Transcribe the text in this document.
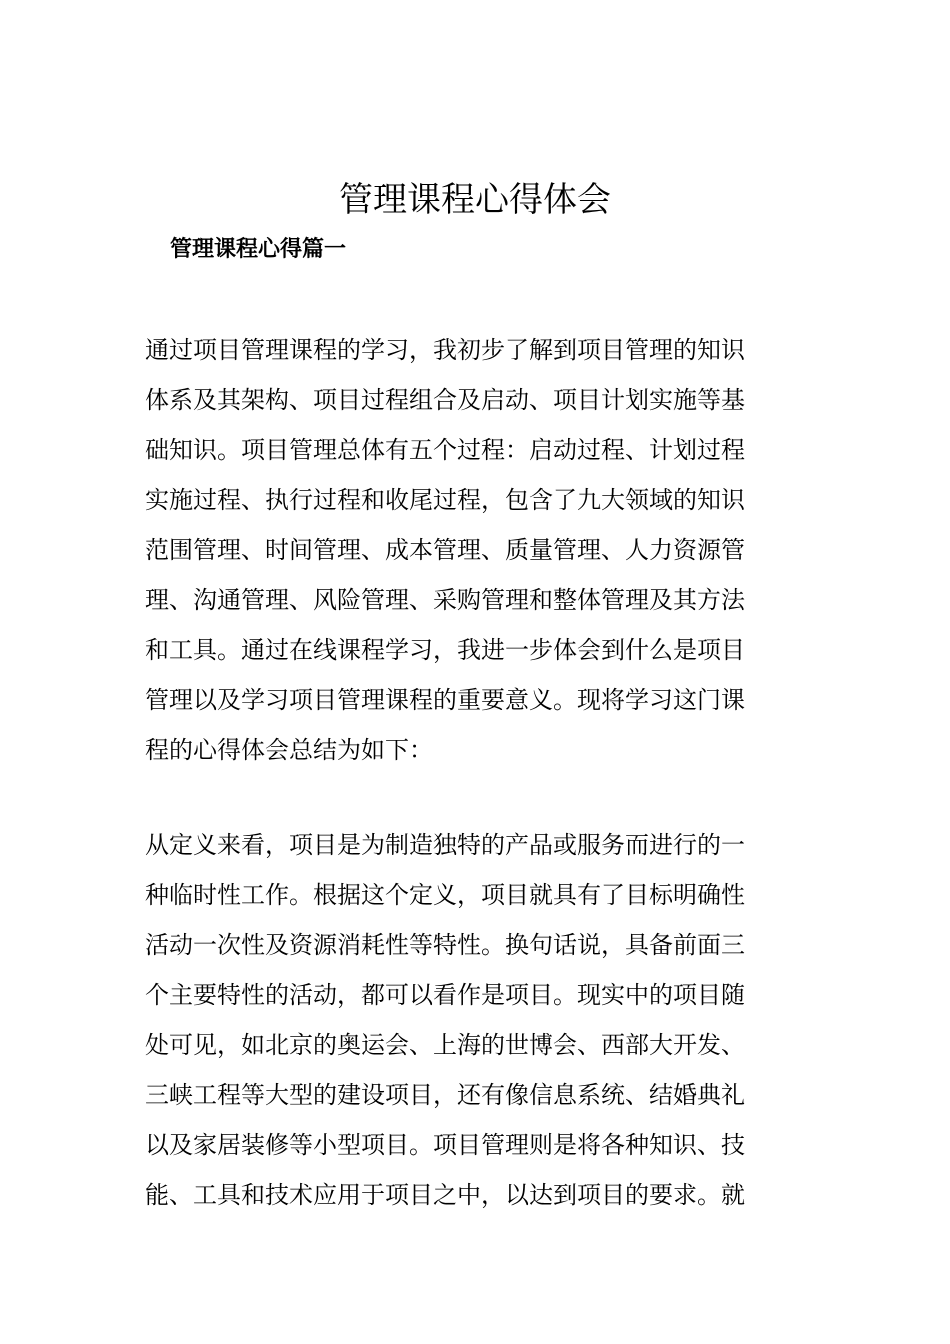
管理课程心得体会
管理课程心得篇一

通过项目管理课程的学习，我初步了解到项目管理的知识
体系及其架构、项目过程组合及启动、项目计划实施等基
础知识。项目管理总体有五个过程：启动过程、计划过程
实施过程、执行过程和收尾过程，包含了九大领域的知识
范围管理、时间管理、成本管理、质量管理、人力资源管
理、沟通管理、风险管理、采购管理和整体管理及其方法
和工具。通过在线课程学习，我进一步体会到什么是项目
管理以及学习项目管理课程的重要意义。现将学习这门课
程的心得体会总结为如下：

从定义来看，项目是为制造独特的产品或服务而进行的一
种临时性工作。根据这个定义，项目就具有了目标明确性
活动一次性及资源消耗性等特性。换句话说，具备前面三
个主要特性的活动，都可以看作是项目。现实中的项目随
处可见，如北京的奥运会、上海的世博会、西部大开发、
三峡工程等大型的建设项目，还有像信息系统、结婚典礼
以及家居装修等小型项目。项目管理则是将各种知识、技
能、工具和技术应用于项目之中，以达到项目的要求。就
